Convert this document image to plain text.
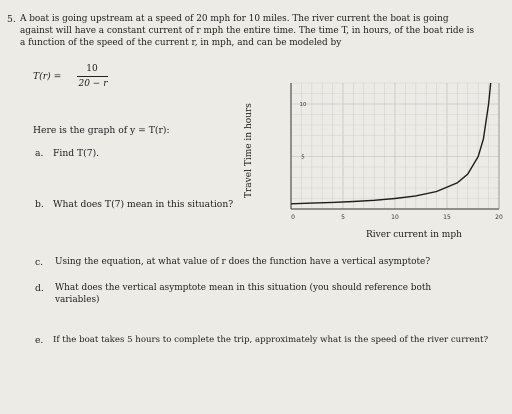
5. A boat is going upstream at a speed of 20 mph for 10 miles. The river current the boat is going
against will have a constant current of r mph the entire time. The time T, in hours, of the boat ride is
a function of the speed of the current r, in mph, and can be modeled by
T(r) =
10
20 − r
Here is the graph of y = T(r):
a. Find T(7).
b. What does T(7) mean in this situation?
c. Using the equation, at what value of r does the function have a vertical asymptote?
d. What does the vertical asymptote mean in this situation (you should reference both
variables)
e. If the boat takes 5 hours to complete the trip, approximately what is the speed of the river current?
Travel Time in hours
0	5	10	15	20
5
10
River current in mph
